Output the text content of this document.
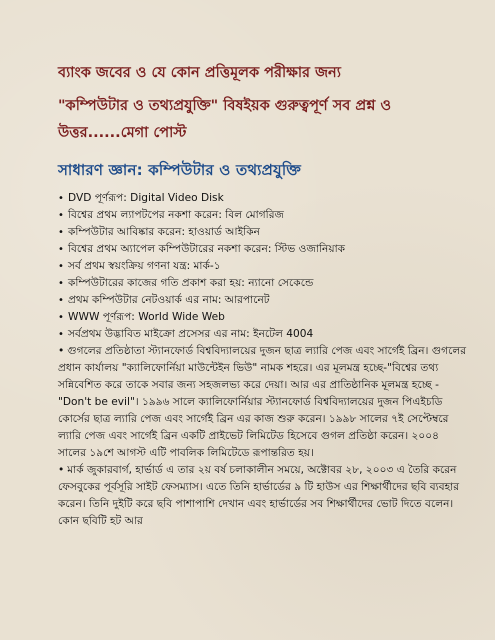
ব্যাংক জবের ও যে কোন প্রত্তিমূলক পরীক্ষার জন্য

"কম্পিউটার ও তথ্যপ্রযুক্তি" বিষইয়ক গুরুত্বপূর্ণ সব প্রশ্ন ও

উত্তর......মেগা পোস্ট

সাধারণ জ্ঞান: কম্পিউটার ও তথ্যপ্রযুক্তি
• DVD পূর্ণরূপ: Digital Video Disk
• বিশ্বের প্রথম ল্যাপটপের নকশা করেন: বিল মোগরিজ
• কম্পিউটার আবিষ্কার করেন: হাওয়ার্ড আইকিন
• বিশ্বের প্রথম অ্যাপেল কম্পিউটারের নকশা করেন: স্টিভ ওজানিয়াক
• সর্ব প্রথম স্বয়ংক্রিয় গণনা যন্ত্র: মার্ক-১
• কম্পিউটারের কাজের গতি প্রকাশ করা হয়: ন্যানো সেকেন্ডে
• প্রথম কম্পিউটার নেটওয়ার্ক এর নাম: আরপানেট
• WWW পূর্ণরূপ: World Wide Web
• সর্বপ্রথম উদ্ভাবিত মাইক্রো প্রসেসর এর নাম: ইনটেল 4004

• গুগলের প্রতিষ্ঠাতা স্ট্যানফোর্ড বিশ্ববিদ্যালয়ের দুজন ছাত্র ল্যারি পেজ এবং সার্গেই ব্রিন। গুগলের প্রধান কার্যালয় "ক্যালিফোর্নিয়া মাউন্টেইন ভিউ" নামক শহরে। এর মূলমন্ত্র হচ্ছে-"বিশ্বের তথ্য সন্নিবেশিত করে তাকে সবার জন্য সহজলভ্য করে দেয়া। আর এর প্রাতিষ্ঠানিক মূলমন্ত্র হচ্ছে -"Don't be evil"। ১৯৯৬ সালে ক্যালিফোর্নিয়ার স্ট্যানফোর্ড বিশ্ববিদ্যালয়ের দুজন পিএইচডি কোর্সের ছাত্র ল্যারি পেজ এবং সার্গেই ব্রিন এর কাজ শুরু করেন। ১৯৯৮ সালের ৭ই সেপ্টেম্বরে ল্যারি পেজ এবং সার্গেই ব্রিন একটি প্রাইভেট লিমিটেড হিসেবে গুগল প্রতিষ্ঠা করেন। ২০০৪ সালের ১৯শে আগস্ট এটি পাবলিক লিমিটেডে রূপান্তরিত হয়।

• মার্ক জুকারবার্গ, হার্ভার্ড এ তার ২য় বর্ষ চলাকালীন সময়ে, অক্টোবর ২৮, ২০০৩ এ তৈরি করেন ফেসবুকের পূর্বসূরি সাইট ফেসম্যাস। এতে তিনি হার্ভার্ডের ৯ টি হাউস এর শিক্ষার্থীদের ছবি ব্যবহার করেন। তিনি দুইটি করে ছবি পাশাপাশি দেখান এবং হার্ভার্ডের সব শিক্ষার্থীদের ভোট দিতে বলেন। কোন ছবিটি হট আর
